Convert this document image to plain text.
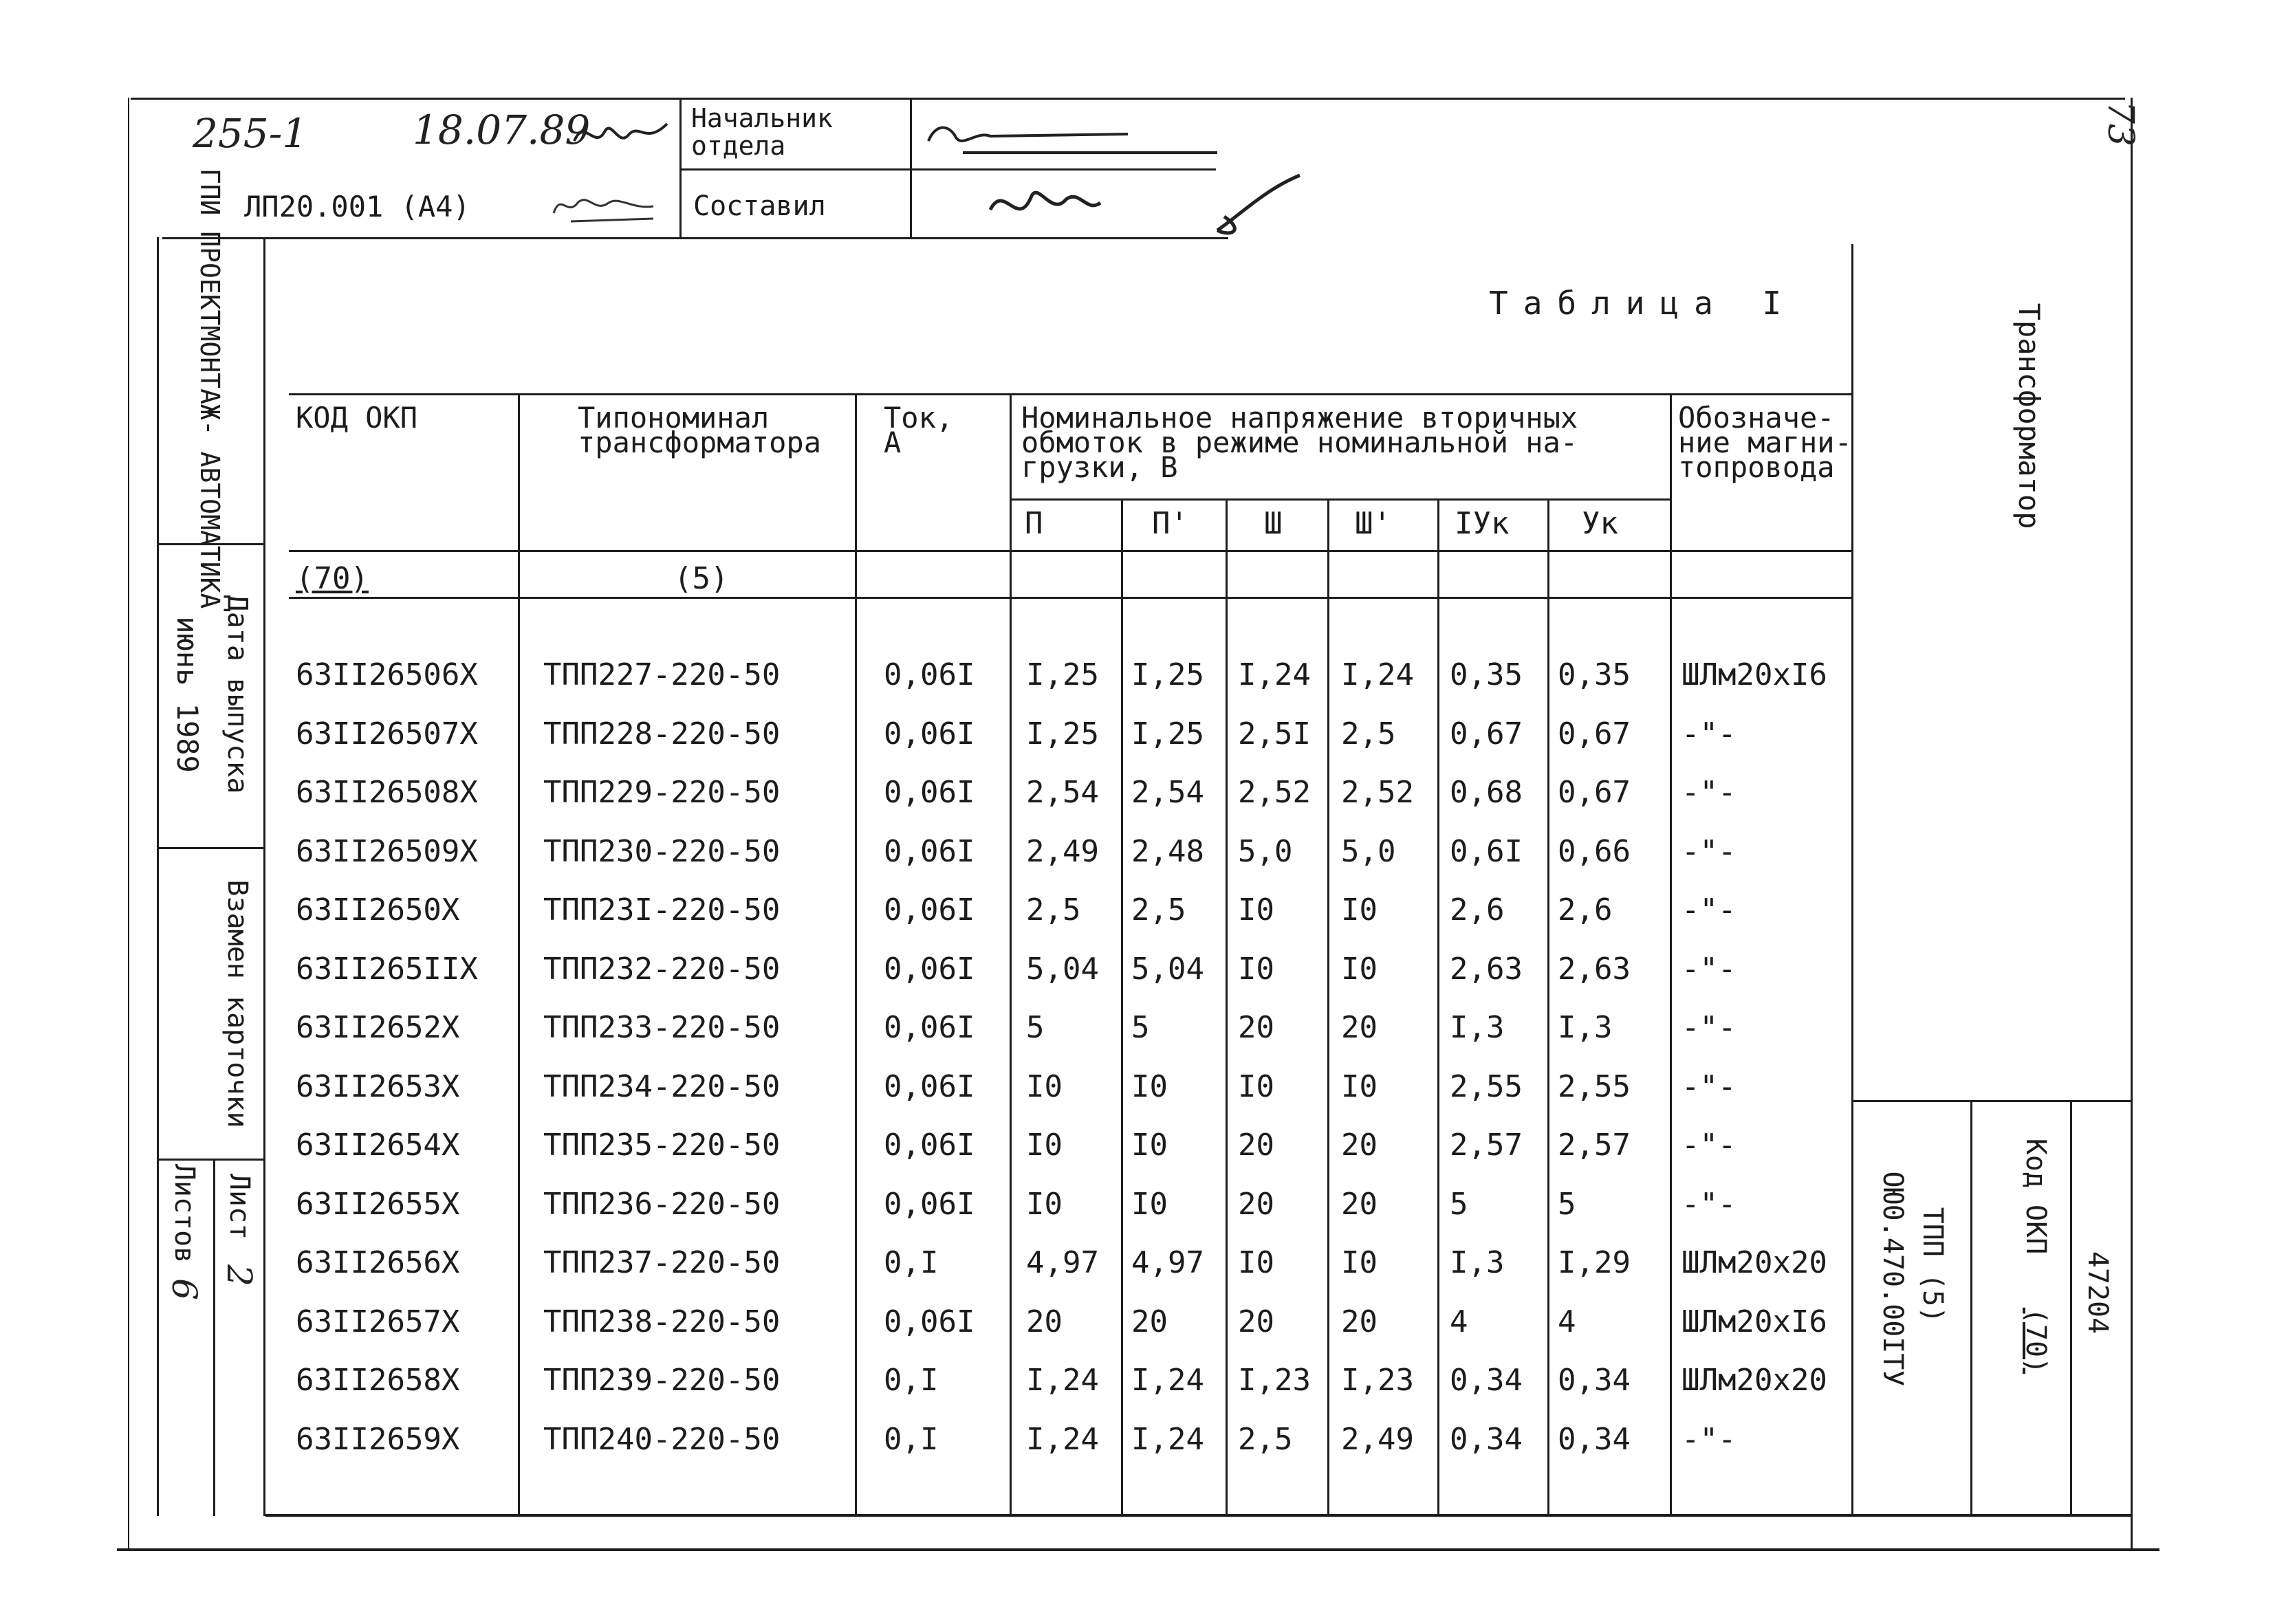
255-1	18.07.89
ЛП20.001 (А4)
Начальник
отдела
Составил
73
ГПИ ПРОЕКТМОНТАЖ- АВТОМАТИКА
Дата выпуска
июнь 1989
Взамен карточки
Лист
2
Листов
6
Таблица I
КОД ОКП	Типономинал
трансформатора
Ток,
А
Номинальное напряжение вторичных
обмоток в режиме номинальной на-
грузки, В
Обозначе-
ние магни-
топровода
П	П'	Ш Ш' IУк Ук
(70)	(5)
63II26506X ТПП227-220-50	0,06I I,25 I,25 I,24 I,24 0,35 0,35 ШЛм20хI6
63II26507X ТПП228-220-50	0,06I I,25 I,25 2,5I 2,5 0,67 0,67 -"-
63II26508X ТПП229-220-50	0,06I 2,54 2,54 2,52 2,52 0,68 0,67 -"-
63II26509X ТПП230-220-50	0,06I 2,49 2,48 5,0 5,0 0,6I 0,66 -"-
63II2650X	ТПП23I-220-50	0,06I 2,5 2,5 I0 I0 2,6 2,6 -"-
63II265IIX ТПП232-220-50	0,06I 5,04 5,04 I0 I0 2,63 2,63 -"-
63II2652X	ТПП233-220-50	0,06I 5	5	20 20 I,3 I,3 -"-
63II2653X	ТПП234-220-50	0,06I I0 I0 I0 I0 2,55 2,55 -"-
63II2654X	ТПП235-220-50	0,06I I0 I0 20 20 2,57 2,57 -"-
63II2655X	ТПП236-220-50	0,06I I0 I0 20 20 5	5	-"-
63II2656X	ТПП237-220-50	0,I	4,97 4,97 I0 I0 I,3 I,29 ШЛм20х20
63II2657X	ТПП238-220-50	0,06I 20 20 20 20 4	4	ШЛм20хI6
63II2658X	ТПП239-220-50	0,I	I,24 I,24 I,23 I,23 0,34 0,34 ШЛм20х20
63II2659X	ТПП240-220-50	0,I	I,24 I,24 2,5 2,49 0,34 0,34 -"-
Трансформатор
ТПП (5)
ОЮ0.470.00IТУ	Код ОКП
(70)
47204
